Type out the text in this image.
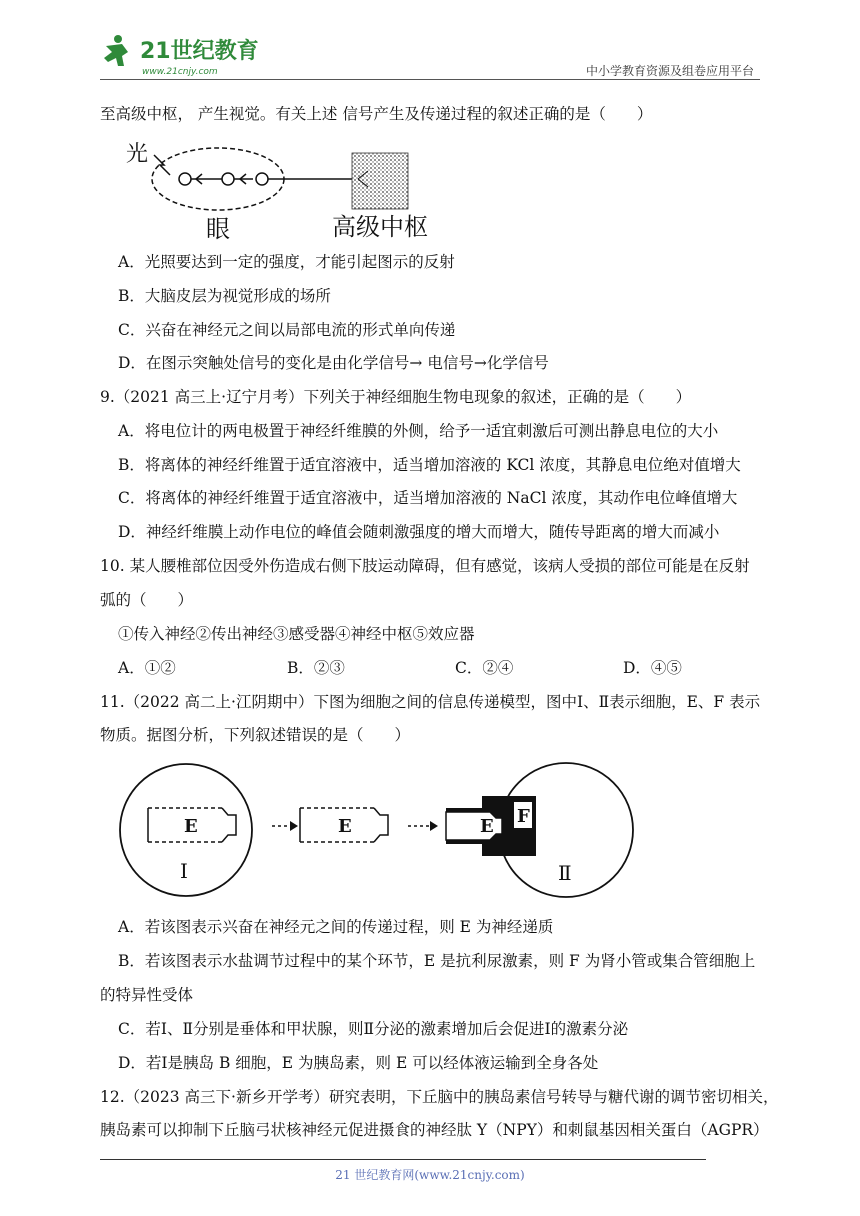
21世纪教育
www.21cnjy.com	中小学教育资源及组卷应用平台
至高级中枢， 产生视觉。有关上述 信号产生及传递过程的叙述正确的是（　　）
光
眼	高级中枢
A．光照要达到一定的强度，才能引起图示的反射
B．大脑皮层为视觉形成的场所
C．兴奋在神经元之间以局部电流的形式单向传递
D．在图示突触处信号的变化是由化学信号→ 电信号→化学信号
9.（2021 高三上·辽宁月考）下列关于神经细胞生物电现象的叙述，正确的是（　　）
A．将电位计的两电极置于神经纤维膜的外侧，给予一适宜刺激后可测出静息电位的大小
B．将离体的神经纤维置于适宜溶液中，适当增加溶液的 KCl 浓度，其静息电位绝对值增大
C．将离体的神经纤维置于适宜溶液中，适当增加溶液的 NaCl 浓度，其动作电位峰值增大
D．神经纤维膜上动作电位的峰值会随刺激强度的增大而增大，随传导距离的增大而减小
10. 某人腰椎部位因受外伤造成右侧下肢运动障碍，但有感觉，该病人受损的部位可能是在反射
弧的（　　）
①传入神经②传出神经③感受器④神经中枢⑤效应器
A．①②	B．②③	C．②④	D．④⑤
11.（2022 高二上·江阴期中）下图为细胞之间的信息传递模型，图中Ⅰ、Ⅱ表示细胞，E、F 表示
物质。据图分析，下列叙述错误的是（　　）
E
I
E	F
E
Ⅱ
A．若该图表示兴奋在神经元之间的传递过程，则 E 为神经递质
B．若该图表示水盐调节过程中的某个环节，E 是抗利尿激素，则 F 为肾小管或集合管细胞上
的特异性受体
C．若Ⅰ、Ⅱ分别是垂体和甲状腺，则Ⅱ分泌的激素增加后会促进Ⅰ的激素分泌
D．若Ⅰ是胰岛 B 细胞，E 为胰岛素，则 E 可以经体液运输到全身各处
12.（2023 高三下·新乡开学考）研究表明，下丘脑中的胰岛素信号转导与糖代谢的调节密切相关，
胰岛素可以抑制下丘脑弓状核神经元促进摄食的神经肽 Y（NPY）和刺鼠基因相关蛋白（AGPR）
21 世纪教育网(www.21cnjy.com)
